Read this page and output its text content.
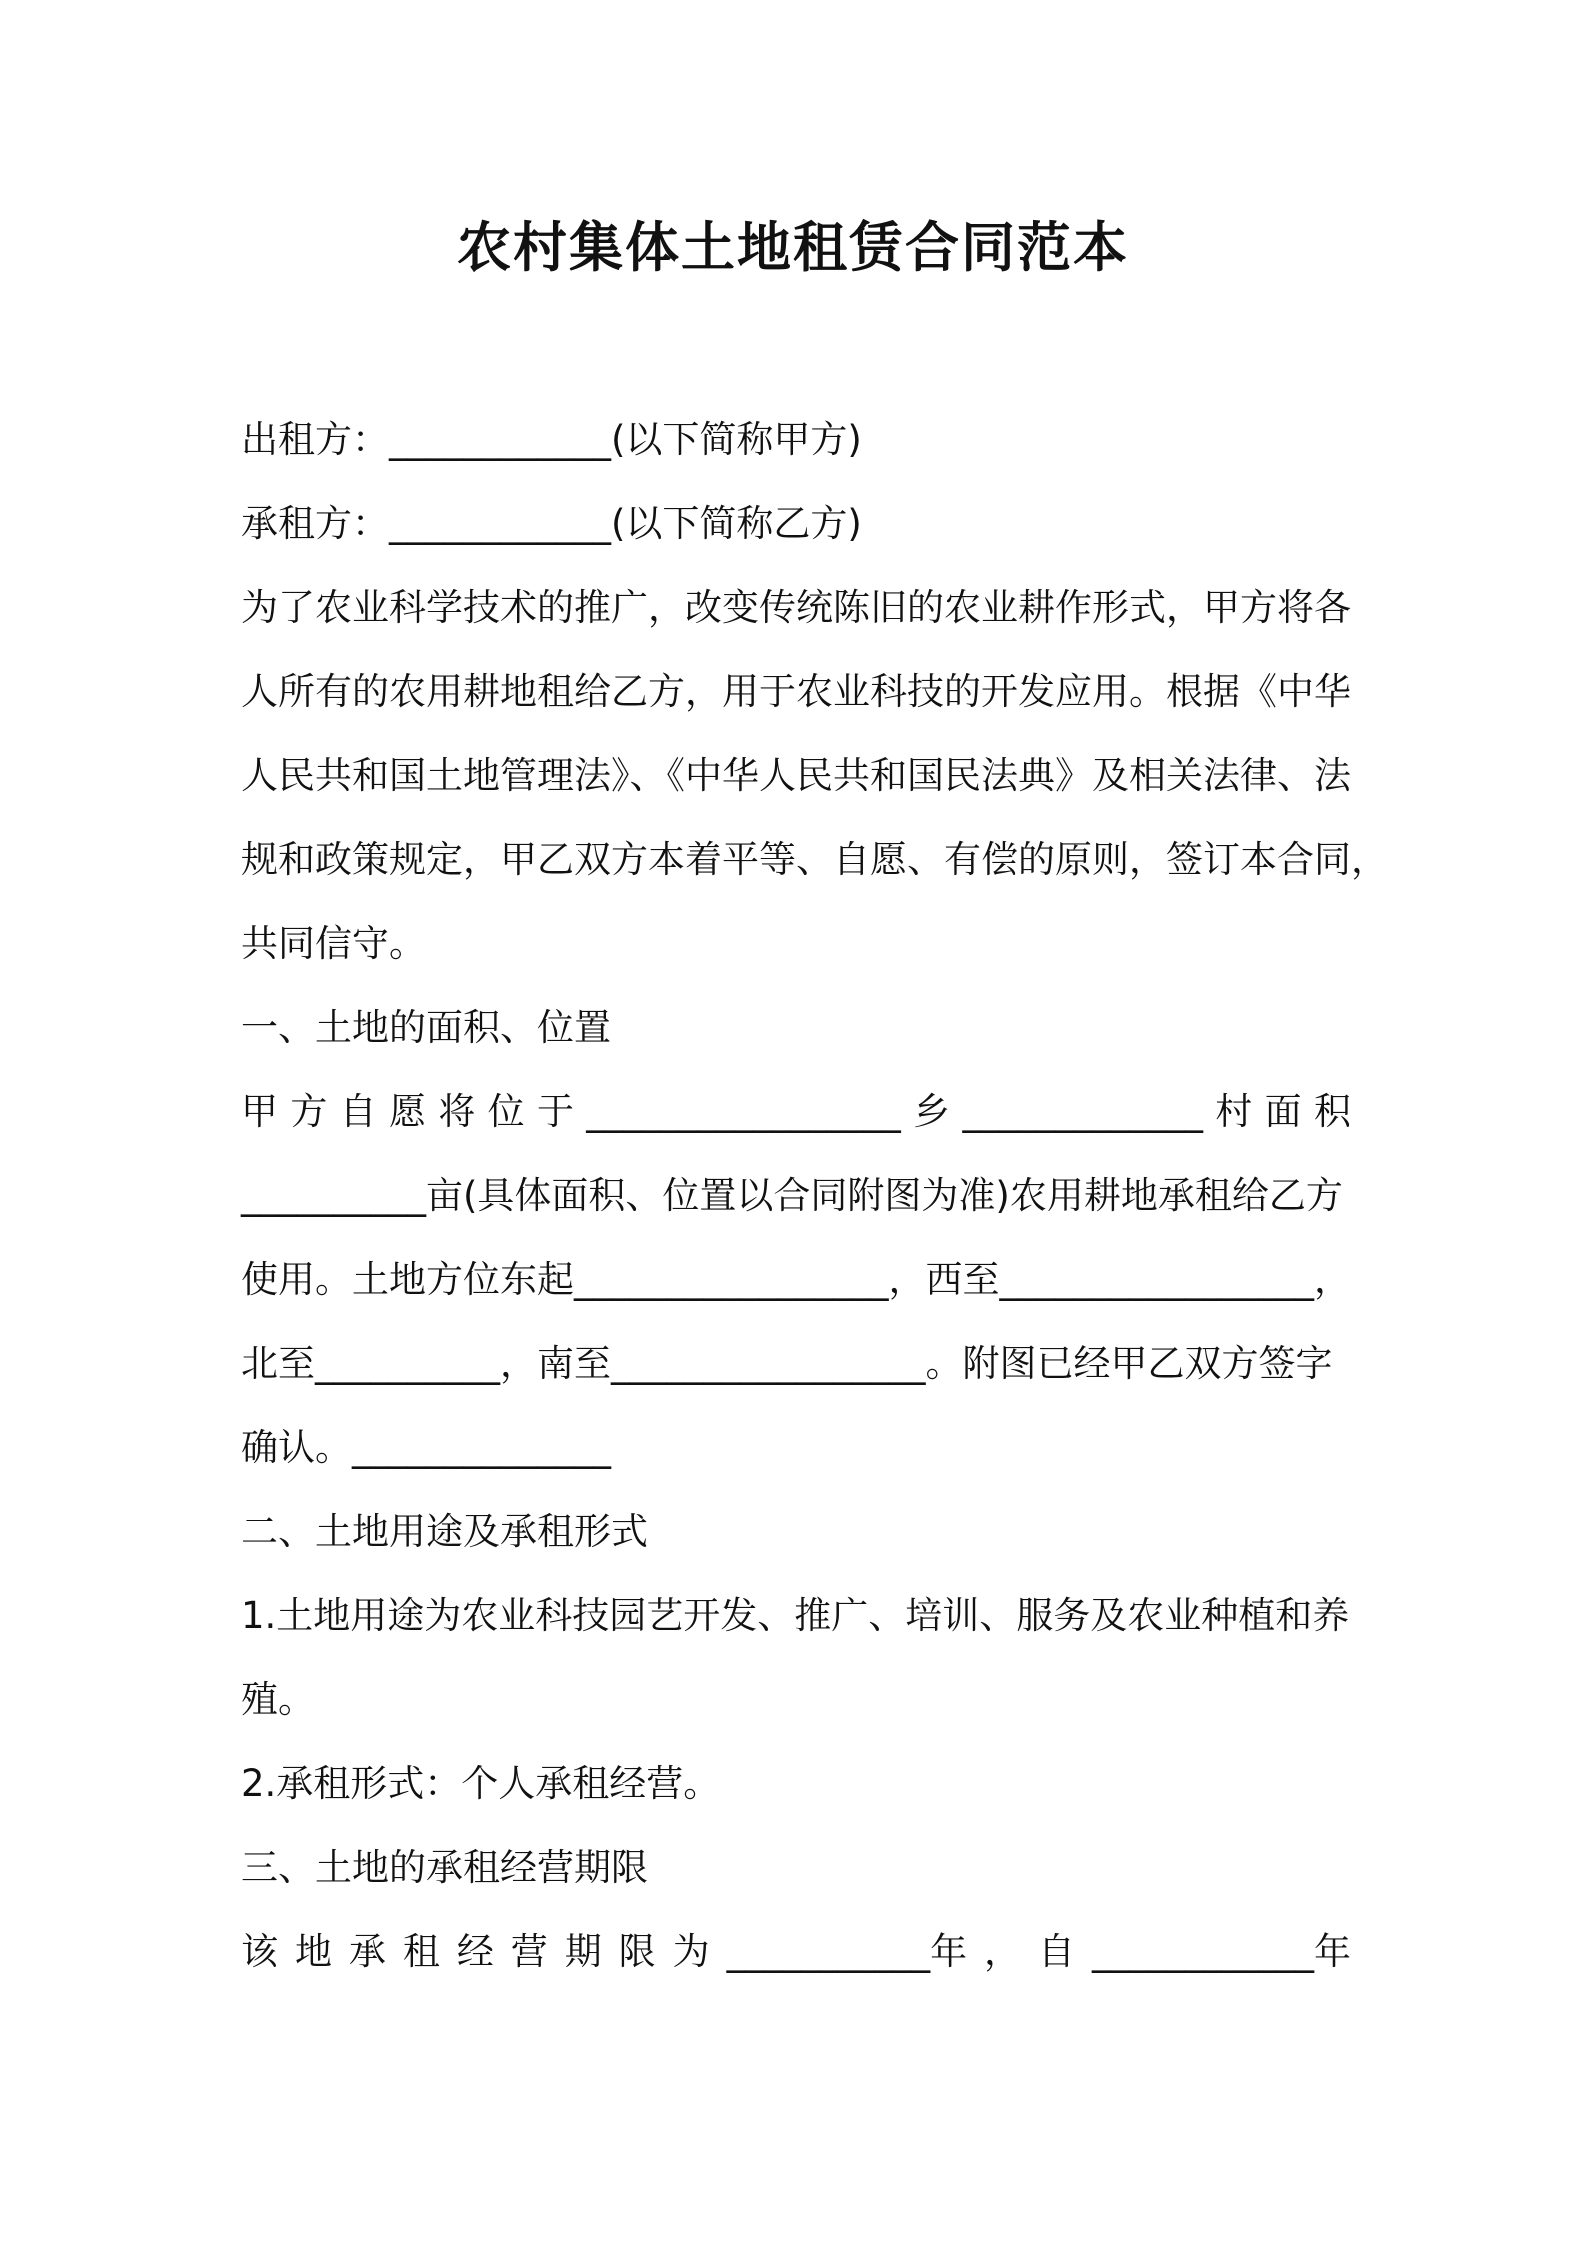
农村集体土地租赁合同范本

出租方：____________(以下简称甲方)

承租方：____________(以下简称乙方)

为了农业科学技术的推广，改变传统陈旧的农业耕作形式，甲方将各

人所有的农用耕地租给乙方，用于农业科技的开发应用。根据《中华

人民共和国土地管理法》、《中华人民共和国民法典》及相关法律、法

规和政策规定，甲乙双方本着平等、自愿、有偿的原则，签订本合同，

共同信守。

一、土地的面积、位置

甲 方 自 愿 将 位 于 _________________ 乡 _____________ 村 面 积

__________亩(具体面积、位置以合同附图为准)农用耕地承租给乙方

使用。土地方位东起_________________，西至_________________，

北至__________，南至_________________。附图已经甲乙双方签字

确认。______________

二、土地用途及承租形式

1.土地用途为农业科技园艺开发、推广、培训、服务及农业种植和养

殖。

2.承租形式：个人承租经营。

三、土地的承租经营期限

该 地 承 租 经 营 期 限 为 ___________年 ， 自 ____________年
